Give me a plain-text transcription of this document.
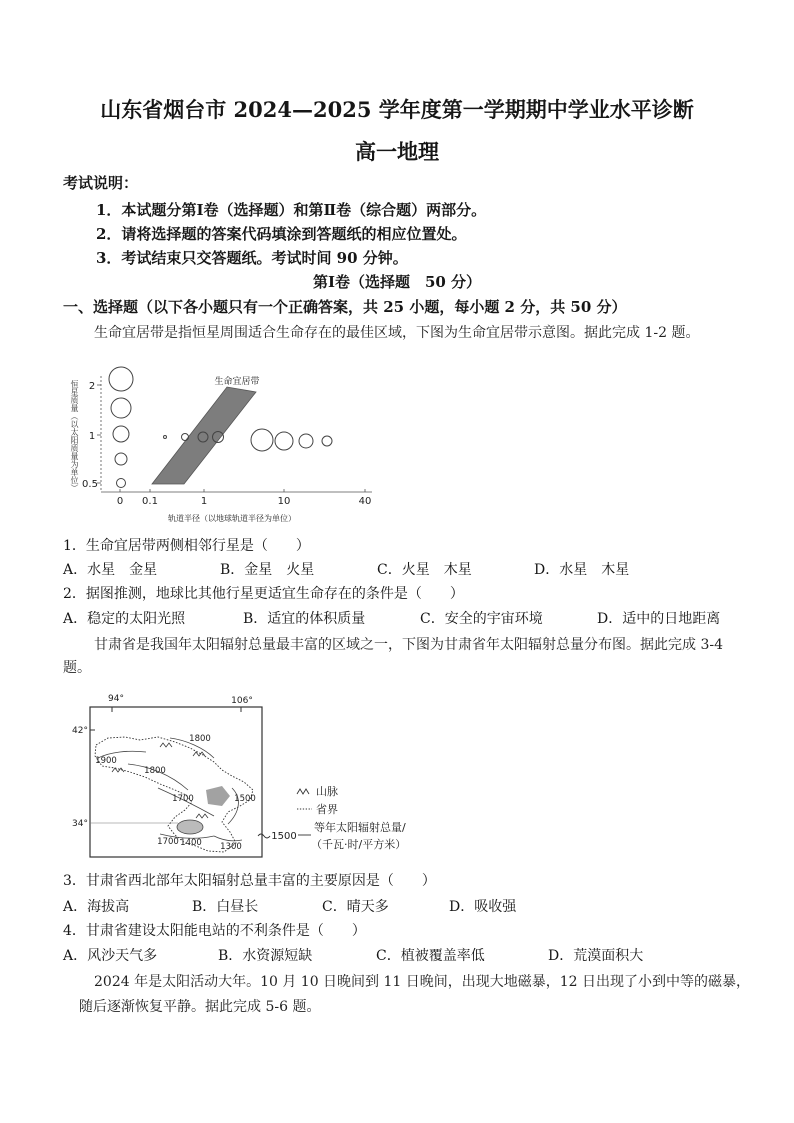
山东省烟台市 2024—2025 学年度第一学期期中学业水平诊断
高一地理
考试说明：
1．本试题分第Ⅰ卷（选择题）和第Ⅱ卷（综合题）两部分。
2．请将选择题的答案代码填涂到答题纸的相应位置处。
3．考试结束只交答题纸。考试时间 90 分钟。
第Ⅰ卷（选择题　50 分）
一、选择题（以下各小题只有一个正确答案，共 25 小题，每小题 2 分，共 50 分）
生命宜居带是指恒星周围适合生命存在的最佳区域，下图为生命宜居带示意图。据此完成 1-2 题。
恒星质量（以太阳质量为单位） 2
1
0.5
0 0.1	1	10	40
轨道半径（以地球轨道半径为单位）
生命宜居带
1．生命宜居带两侧相邻行星是（　　）
A．水星　金星	B．金星　火星	C．火星　木星	D．水星　木星
2．据图推测，地球比其他行星更适宜生命存在的条件是（　　）
A．稳定的太阳光照	B．适宜的体积质量	C．安全的宇宙环境	D．适中的日地距离
甘肃省是我国年太阳辐射总量最丰富的区域之一，下图为甘肃省年太阳辐射总量分布图。据此完成 3-4
题。
94°	106°
42°
34°
1800
1900
1800
1700	1500
1700 1400 1300
山脉
省界
1500
等年太阳辐射总量/
（千瓦·时/平方米）
3．甘肃省西北部年太阳辐射总量丰富的主要原因是（　　）
A．海拔高	B．白昼长	C．晴天多	D．吸收强
4．甘肃省建设太阳能电站的不利条件是（　　）
A．风沙天气多	B．水资源短缺	C．植被覆盖率低	D．荒漠面积大
2024 年是太阳活动大年。10 月 10 日晚间到 11 日晚间，出现大地磁暴，12 日出现了小到中等的磁暴，
随后逐渐恢复平静。据此完成 5-6 题。
